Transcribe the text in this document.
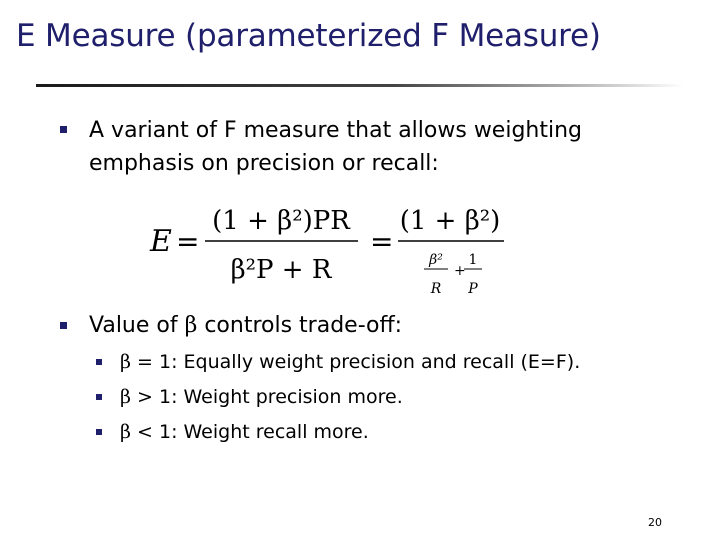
E Measure (parameterized F Measure)
A variant of F measure that allows weighting emphasis on precision or recall:
E =
(1 + β²)PR
β²P + R
=
(1 + β²)
β²
R
+
1
P
Value of β controls trade-off:
β = 1: Equally weight precision and recall (E=F).
β > 1: Weight precision more.
β < 1: Weight recall more.
20
